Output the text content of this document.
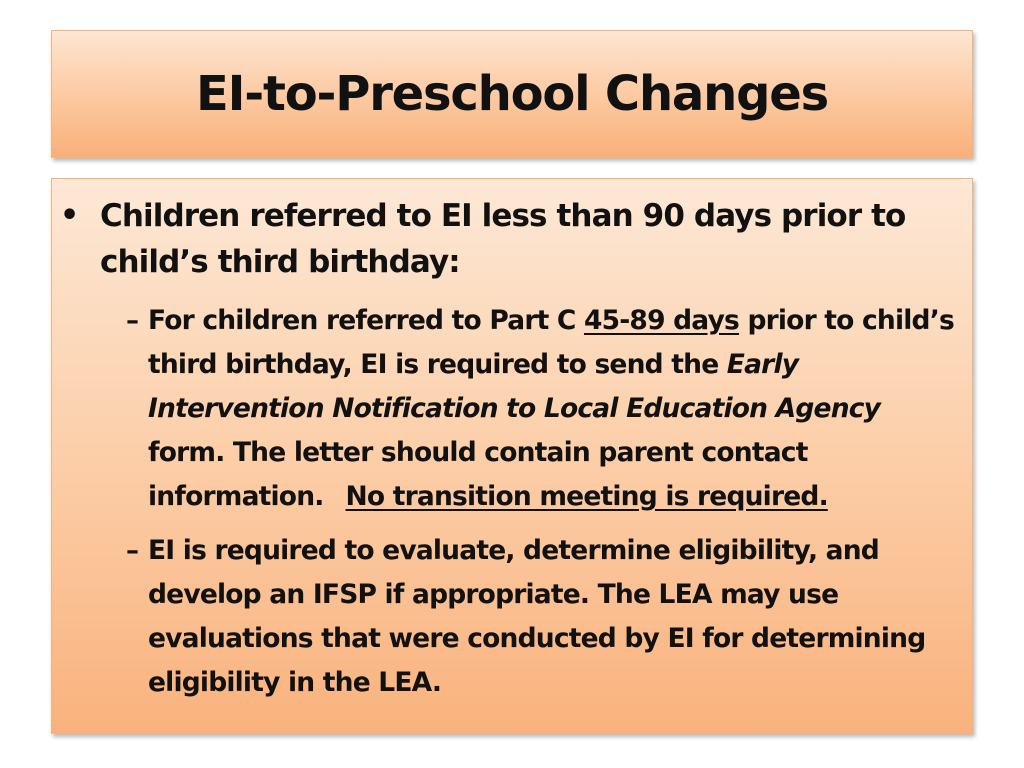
EI-to-Preschool Changes
• Children referred to EI less than 90 days prior to child’s third birthday:
– For children referred to Part C 45-89 days prior to child’s third birthday, EI is required to send the Early Intervention Notification to Local Education Agency form. The letter should contain parent contact information. No transition meeting is required.
– EI is required to evaluate, determine eligibility, and develop an IFSP if appropriate. The LEA may use evaluations that were conducted by EI for determining eligibility in the LEA.
